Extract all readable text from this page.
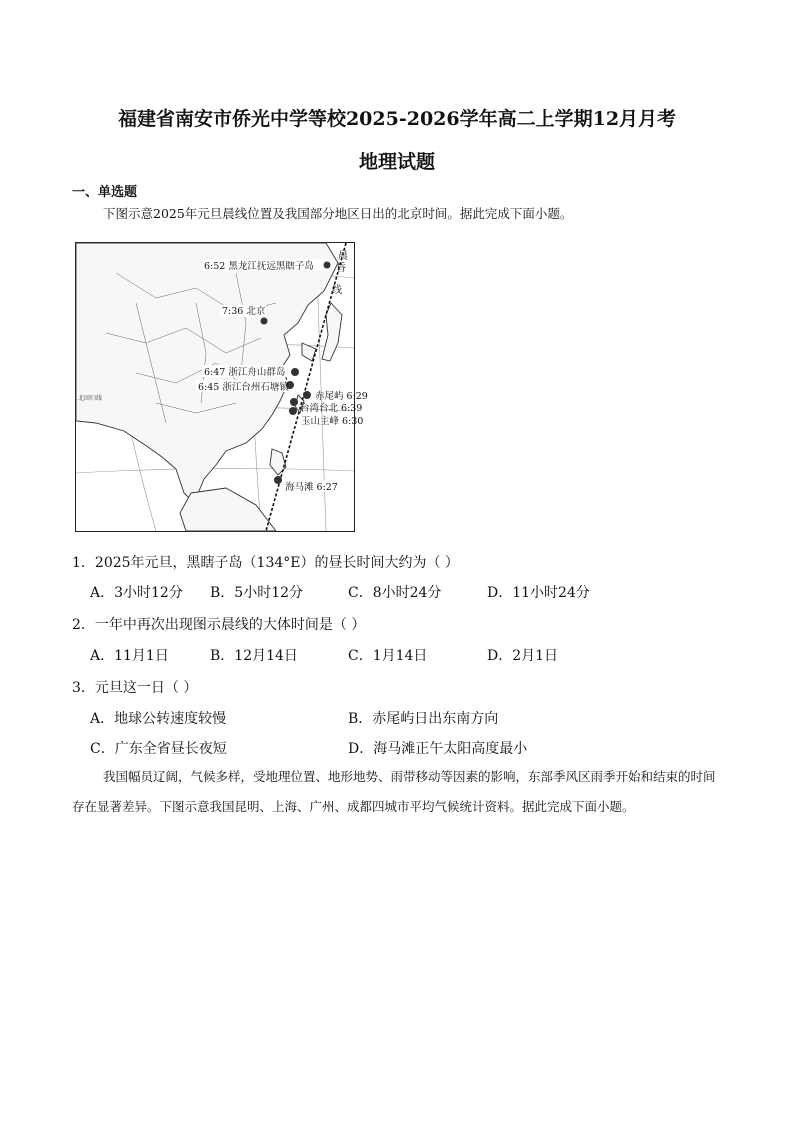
福建省南安市侨光中学等校2025-2026学年高二上学期12月月考
地理试题
一、单选题
下图示意2025年元旦晨线位置及我国部分地区日出的北京时间。据此完成下面小题。
晨
昏
线
北回归线
6:52 黑龙江抚远黑瞎子岛
7:36 北京
6:47 浙江舟山群岛
6:45 浙江台州石塘镇
赤尾屿 6:29
台湾台北 6:39
玉山主峰 6:30
海马滩 6:27
1．2025年元旦，黑瞎子岛（134°E）的昼长时间大约为（ ）
A．3小时12分 B．5小时12分	C．8小时24分	D．11小时24分
2．一年中再次出现图示晨线的大体时间是（ ）
A．11月1日	B．12月14日	C．1月14日	D．2月1日
3．元旦这一日（ ）
A．地球公转速度较慢	B．赤尾屿日出东南方向
C．广东全省昼长夜短	D．海马滩正午太阳高度最小
我国幅员辽阔，气候多样，受地理位置、地形地势、雨带移动等因素的影响，东部季风区雨季开始和结束的时间存在显著差异。下图示意我国昆明、上海、广州、成都四城市平均气候统计资料。据此完成下面小题。
